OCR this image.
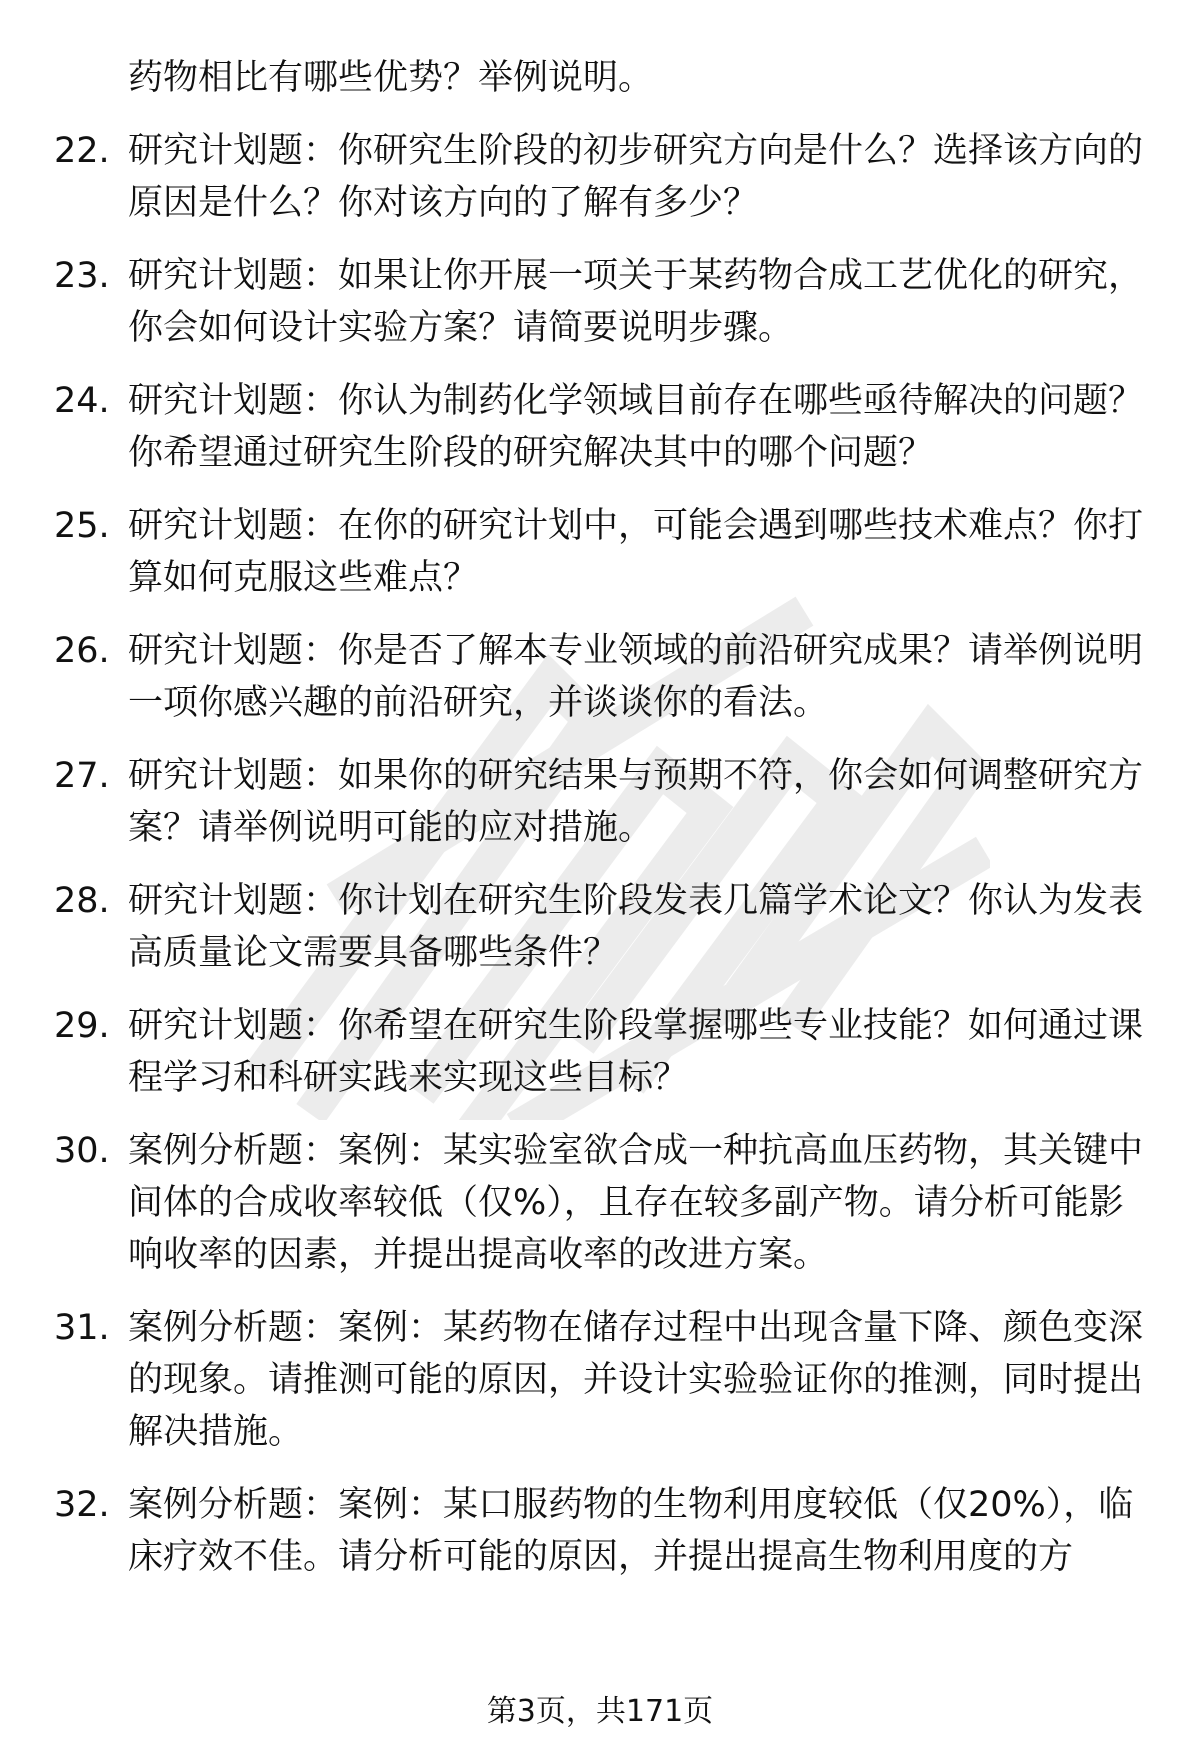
药物相比有哪些优势？举例说明。
22. 研究计划题：你研究生阶段的初步研究方向是什么？选择该方向的原因是什么？你对该方向的了解有多少？
23. 研究计划题：如果让你开展一项关于某药物合成工艺优化的研究，你会如何设计实验方案？请简要说明步骤。
24. 研究计划题：你认为制药化学领域目前存在哪些亟待解决的问题？你希望通过研究生阶段的研究解决其中的哪个问题？
25. 研究计划题：在你的研究计划中，可能会遇到哪些技术难点？你打算如何克服这些难点？
26. 研究计划题：你是否了解本专业领域的前沿研究成果？请举例说明一项你感兴趣的前沿研究，并谈谈你的看法。
27. 研究计划题：如果你的研究结果与预期不符，你会如何调整研究方案？请举例说明可能的应对措施。
28. 研究计划题：你计划在研究生阶段发表几篇学术论文？你认为发表高质量论文需要具备哪些条件？
29. 研究计划题：你希望在研究生阶段掌握哪些专业技能？如何通过课程学习和科研实践来实现这些目标？
30. 案例分析题：案例：某实验室欲合成一种抗高血压药物，其关键中间体的合成收率较低（仅%），且存在较多副产物。请分析可能影响收率的因素，并提出提高收率的改进方案。
31. 案例分析题：案例：某药物在储存过程中出现含量下降、颜色变深的现象。请推测可能的原因，并设计实验验证你的推测，同时提出解决措施。
32. 案例分析题：案例：某口服药物的生物利用度较低（仅20%），临床疗效不佳。请分析可能的原因，并提出提高生物利用度的方
第3页，共171页
